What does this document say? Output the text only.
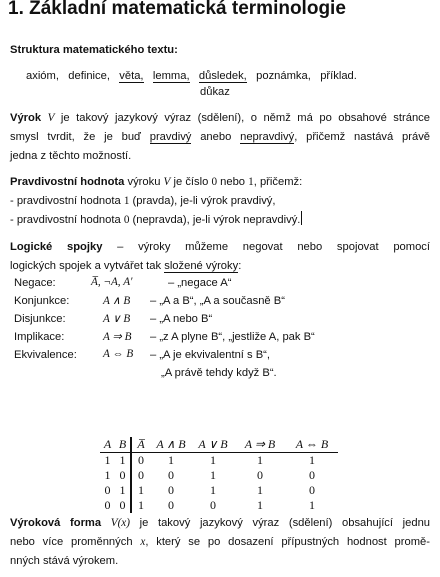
1. Základní matematická terminologie
Struktura matematického textu:
axióm, definice, věta, lemma, důsledek, poznámka, příklad.
důkaz

Výrok V je takový jazykový výraz (sdělení), o němž má po obsahové stránce

smysl tvrdit, že je buď pravdivý anebo nepravdivý, přičemž nastává právě

jedna z těchto možností.

Pravdivostní hodnota výroku V je číslo 0 nebo 1, přičemž:

- pravdivostní hodnota 1 (pravda), je-li výrok pravdivý,

- pravdivostní hodnota 0 (nepravda), je-li výrok nepravdivý.

Logické spojky – výroky můžeme negovat nebo spojovat pomocí

logických spojek a vytvářet tak složené výroky:

Negace:	A̅, ¬A, A′	– „negace A“
Konjunkce:	A ∧ B – „A a B“, „A a současně B“
Disjunkce:	A ∨ B – „A nebo B“
Implikace:	A ⇒ B – „z A plyne B“, „jestliže A, pak B“
Ekvivalence: A ⇔ B – „A je ekvivalentní s B“,
„A právě tehdy když B“.
A	B	A̅	A ∧ B	A ∨ B	A ⇒ B	A ⇔ B
1	1	0	1	1	1	1
1	0	0	0	1	0	0
0	1	1	0	1	1	0
0	0	1	0	0	1	1

Výroková forma V(x) je takový jazykový výraz (sdělení) obsahující jednu

nebo více proměnných x, který se po dosazení přípustných hodnost promě-

nných stává výrokem.
